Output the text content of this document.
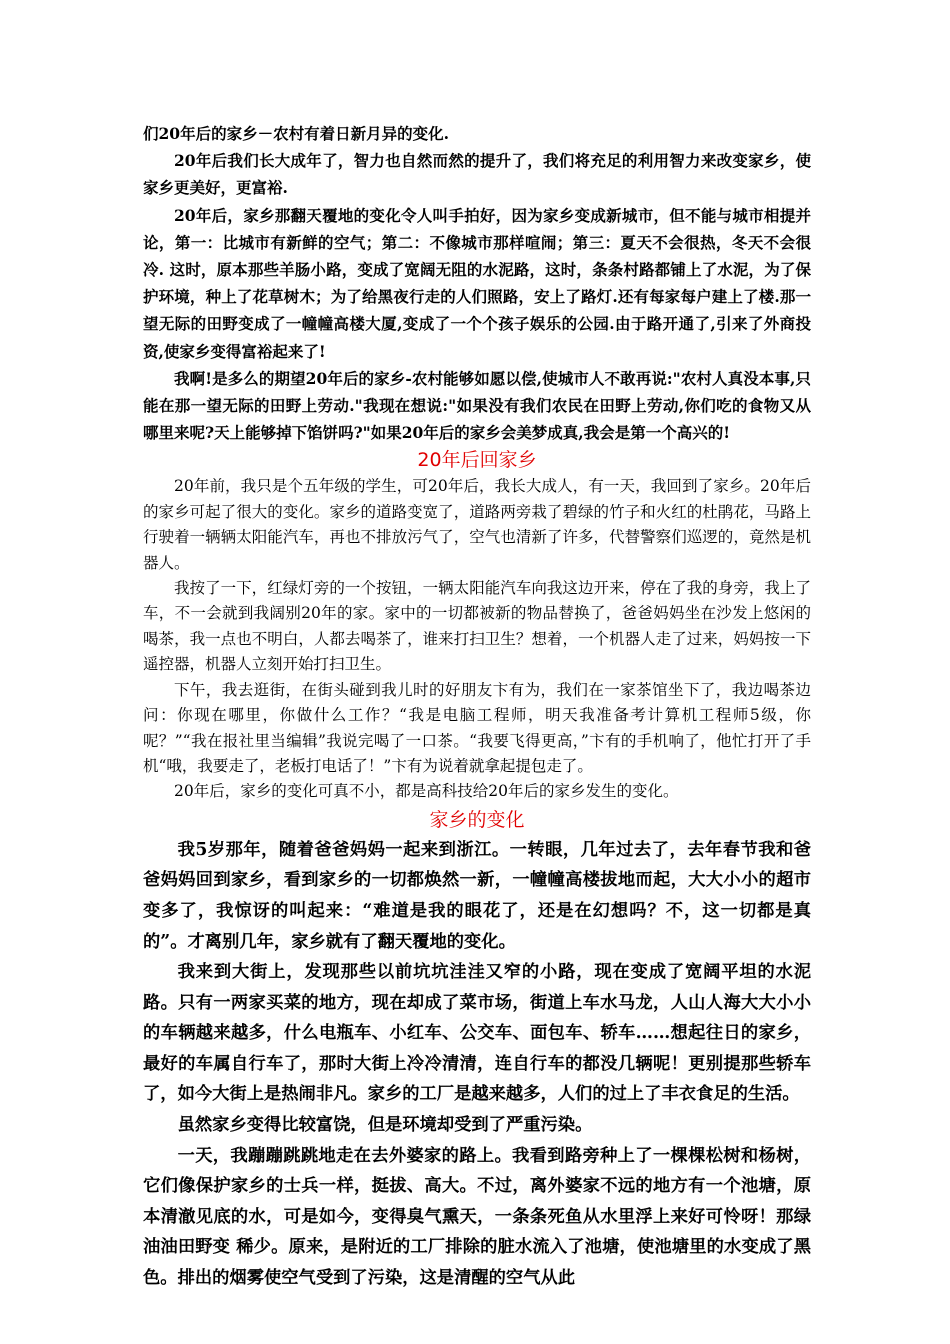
们20年后的家乡－农村有着日新月异的变化.

20年后我们长大成年了，智力也自然而然的提升了，我们将充足的利用智力来改变家乡，使家乡更美好，更富裕.

20年后，家乡那翻天覆地的变化令人叫手拍好，因为家乡变成新城市，但不能与城市相提并论，第一：比城市有新鲜的空气；第二：不像城市那样喧闹；第三：夏天不会很热，冬天不会很冷. 这时，原本那些羊肠小路，变成了宽阔无阻的水泥路，这时，条条村路都铺上了水泥，为了保护环境，种上了花草树木；为了给黑夜行走的人们照路，安上了路灯.还有每家每户建上了楼.那一望无际的田野变成了一幢幢高楼大厦,变成了一个个孩子娱乐的公园.由于路开通了,引来了外商投资,使家乡变得富裕起来了!

我啊!是多么的期望20年后的家乡-农村能够如愿以偿,使城市人不敢再说:"农村人真没本事,只能在那一望无际的田野上劳动."我现在想说:"如果没有我们农民在田野上劳动,你们吃的食物又从哪里来呢?天上能够掉下馅饼吗?"如果20年后的家乡会美梦成真,我会是第一个高兴的!

20年后回家乡

20年前，我只是个五年级的学生，可20年后，我长大成人，有一天，我回到了家乡。20年后的家乡可起了很大的变化。家乡的道路变宽了，道路两旁栽了碧绿的竹子和火红的杜鹃花，马路上行驶着一辆辆太阳能汽车，再也不排放污气了，空气也清新了许多，代替警察们巡逻的，竟然是机器人。

我按了一下，红绿灯旁的一个按钮，一辆太阳能汽车向我这边开来，停在了我的身旁，我上了车，不一会就到我阔别20年的家。家中的一切都被新的物品替换了，爸爸妈妈坐在沙发上悠闲的喝茶，我一点也不明白，人都去喝茶了，谁来打扫卫生？想着，一个机器人走了过来，妈妈按一下遥控器，机器人立刻开始打扫卫生。

下午，我去逛街，在街头碰到我儿时的好朋友卞有为，我们在一家茶馆坐下了，我边喝茶边问：你现在哪里，你做什么工作？“我是电脑工程师，明天我准备考计算机工程师5级，你呢？”“我在报社里当编辑”我说完喝了一口茶。“我要飞得更高，”卞有的手机响了，他忙打开了手机“哦，我要走了，老板打电话了！”卞有为说着就拿起提包走了。

20年后，家乡的变化可真不小，都是高科技给20年后的家乡发生的变化。

家乡的变化

我5岁那年，随着爸爸妈妈一起来到浙江。一转眼，几年过去了，去年春节我和爸爸妈妈回到家乡，看到家乡的一切都焕然一新，一幢幢高楼拔地而起，大大小小的超市变多了，我惊讶的叫起来：“难道是我的眼花了，还是在幻想吗？不，这一切都是真的”。才离别几年，家乡就有了翻天覆地的变化。

我来到大街上，发现那些以前坑坑洼洼又窄的小路，现在变成了宽阔平坦的水泥路。只有一两家买菜的地方，现在却成了菜市场，街道上车水马龙，人山人海大大小小的车辆越来越多，什么电瓶车、小红车、公交车、面包车、轿车……想起往日的家乡，最好的车属自行车了，那时大街上冷冷清清，连自行车的都没几辆呢！更别提那些轿车了，如今大街上是热闹非凡。家乡的工厂是越来越多，人们的过上了丰衣食足的生活。

虽然家乡变得比较富饶，但是环境却受到了严重污染。

一天，我蹦蹦跳跳地走在去外婆家的路上。我看到路旁种上了一棵棵松树和杨树，它们像保护家乡的士兵一样，挺拔、高大。不过，离外婆家不远的地方有一个池塘，原本清澈见底的水，可是如今，变得臭气熏天，一条条死鱼从水里浮上来好可怜呀！那绿油油田野变 稀少。原来，是附近的工厂排除的脏水流入了池塘，使池塘里的水变成了黑色。排出的烟雾使空气受到了污染，这是清醒的空气从此
